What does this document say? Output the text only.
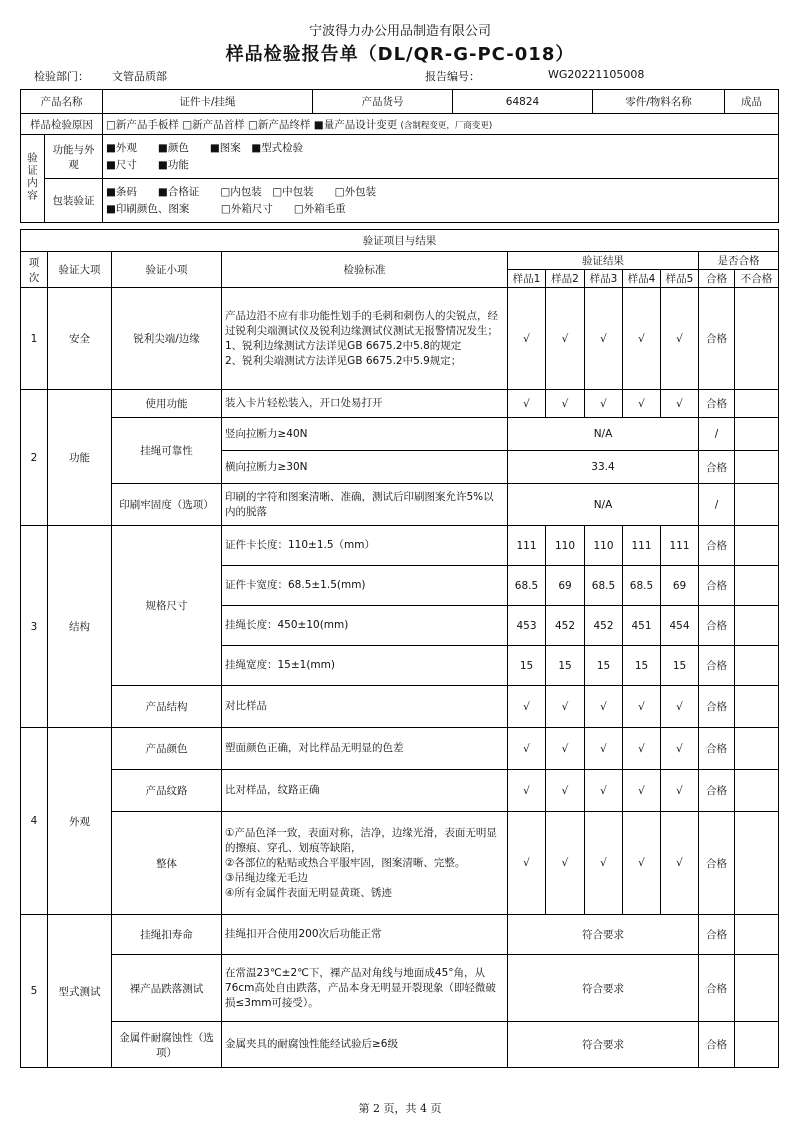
宁波得力办公用品制造有限公司
样品检验报告单（DL/QR-G-PC-018）
检验部门： 文管品质部	报告编号：	WG20221105008
产品名称		证件卡/挂绳	产品货号	64824	零件/物料名称	成品
样品检验原因		□新产品手板样 □新产品首样 □新产品终样 ■量产品设计变更 (含制程变更，厂商变更)				
验证内容	功能与外观	■外观　　■颜色　　■图案　■型式检验
■尺寸　　■功能				

	包装验证	■条码　　■合格证　　□内包装　□中包装　　□外包装
■印刷颜色、图案　　　□外箱尺寸　　□外箱毛重				
验证项目与结果										
项次	验证大项	验证小项	检验标准	验证结果					是否合格	
				样品1	样品2	样品3	样品4	样品5	合格	不合格
1	安全	锐利尖端/边缘	产品边沿不应有非功能性划手的毛刺和刺伤人的尖锐点，经过锐利尖端测试仪及锐利边缘测试仪测试无报警情况发生；
1、锐利边缘测试方法详见GB 6675.2中5.8的规定
2、锐利尖端测试方法详见GB 6675.2中5.9规定；	√	√	√	√	√	合格	
2	功能	使用功能	装入卡片轻松装入，开口处易打开	√	√	√	√	√	合格	
		挂绳可靠性	竖向拉断力≥40N	N/A					/	
			横向拉断力≥30N	33.4					合格	
		印刷牢固度（选项）	印刷的字符和图案清晰、准确，测试后印刷图案允许5%以内的脱落	N/A					/	
3	结构	规格尺寸	证件卡长度：110±1.5（mm）	111	110	110	111	111	合格	
			证件卡宽度：68.5±1.5(mm)	68.5	69	68.5	68.5	69	合格	
			挂绳长度：450±10(mm)	453	452	452	451	454	合格	
			挂绳宽度：15±1(mm)	15	15	15	15	15	合格	
		产品结构	对比样品	√	√	√	√	√	合格	
4	外观	产品颜色	塑面颜色正确，对比样品无明显的色差	√	√	√	√	√	合格	
		产品纹路	比对样品，纹路正确	√	√	√	√	√	合格	
		整体	①产品色泽一致，表面对称，洁净，边缘光滑，表面无明显的擦痕、穿孔、划痕等缺陷，
②各部位的粘贴或热合平服牢固，图案清晰、完整。
③吊绳边缘无毛边
④所有金属件表面无明显黄斑、锈迹	√	√	√	√	√	合格	
5	型式测试	挂绳扣寿命	挂绳扣开合使用200次后功能正常	符合要求					合格	
		裸产品跌落测试	在常温23℃±2℃下，裸产品对角线与地面成45°角，从76cm高处自由跌落，产品本身无明显开裂现象（即轻微破损≤3mm可接受）。	符合要求					合格	
		金属件耐腐蚀性（选项）	金属夹具的耐腐蚀性能经试验后≥6级	符合要求					合格	
第 2 页，共 4 页
